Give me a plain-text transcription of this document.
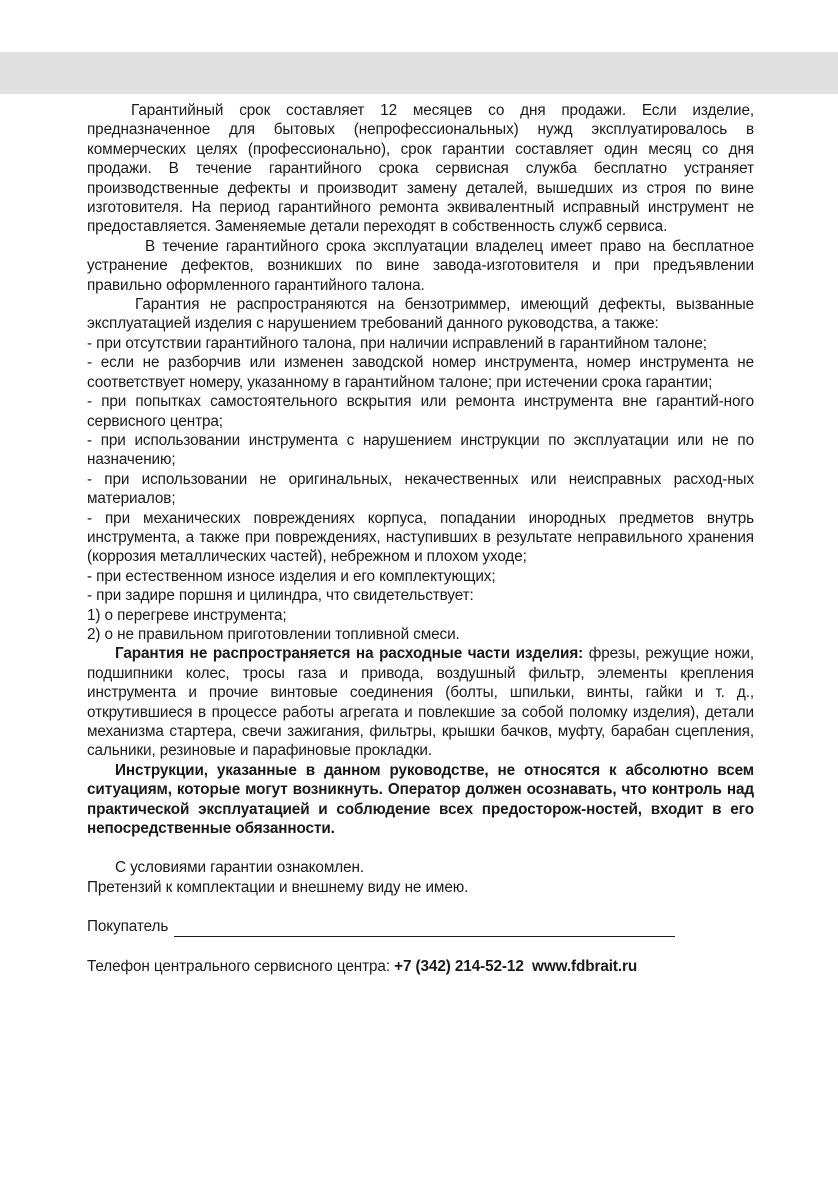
Гарантийный срок составляет 12 месяцев со дня продажи. Если изделие, предназначенное для бытовых (непрофессиональных) нужд эксплуатировалось в коммерческих целях (профессионально), срок гарантии составляет один месяц со дня продажи. В течение гарантийного срока сервисная служба бесплатно устраняет производственные дефекты и производит замену деталей, вышедших из строя по вине изготовителя. На период гарантийного ремонта эквивалентный исправный инструмент не предоставляется. Заменяемые детали переходят в собственность служб сервиса.

В течение гарантийного срока эксплуатации владелец имеет право на бесплатное устранение дефектов, возникших по вине завода-изготовителя и при предъявлении правильно оформленного гарантийного талона.

Гарантия не распространяются на бензотриммер, имеющий дефекты, вызванные эксплуатацией изделия с нарушением требований данного руководства, а также:

- при отсутствии гарантийного талона, при наличии исправлений в гарантийном талоне;

- если не разборчив или изменен заводской номер инструмента, номер инструмента не соответствует номеру, указанному в гарантийном талоне; при истечении срока гарантии;

- при попытках самостоятельного вскрытия или ремонта инструмента вне гарантий-ного сервисного центра;

- при использовании инструмента с нарушением инструкции по эксплуатации или не по назначению;

- при использовании не оригинальных, некачественных или неисправных расход-ных материалов;

- при механических повреждениях корпуса, попадании инородных предметов внутрь инструмента, а также при повреждениях, наступивших в результате неправильного хранения (коррозия металлических частей), небрежном и плохом уходе;

- при естественном износе изделия и его комплектующих;

- при задире поршня и цилиндра, что свидетельствует:

1) о перегреве инструмента;

2) о не правильном приготовлении топливной смеси.

Гарантия не распространяется на расходные части изделия: фрезы, режущие ножи, подшипники колес, тросы газа и привода, воздушный фильтр, элементы крепления инструмента и прочие винтовые соединения (болты, шпильки, винты, гайки и т. д., открутившиеся в процессе работы агрегата и повлекшие за собой поломку изделия), детали механизма стартера, свечи зажигания, фильтры, крышки бачков, муфту, барабан сцепления, сальники, резиновые и парафиновые прокладки.

Инструкции, указанные в данном руководстве, не относятся к абсолютно всем ситуациям, которые могут возникнуть. Оператор должен осознавать, что контроль над практической эксплуатацией и соблюдение всех предосторож-ностей, входит в его непосредственные обязанности.

С условиями гарантии ознакомлен.

Претензий к комплектации и внешнему виду не имею.

Покупатель

Телефон центрального сервисного центра: +7 (342) 214-52-12 www.fdbrait.ru
